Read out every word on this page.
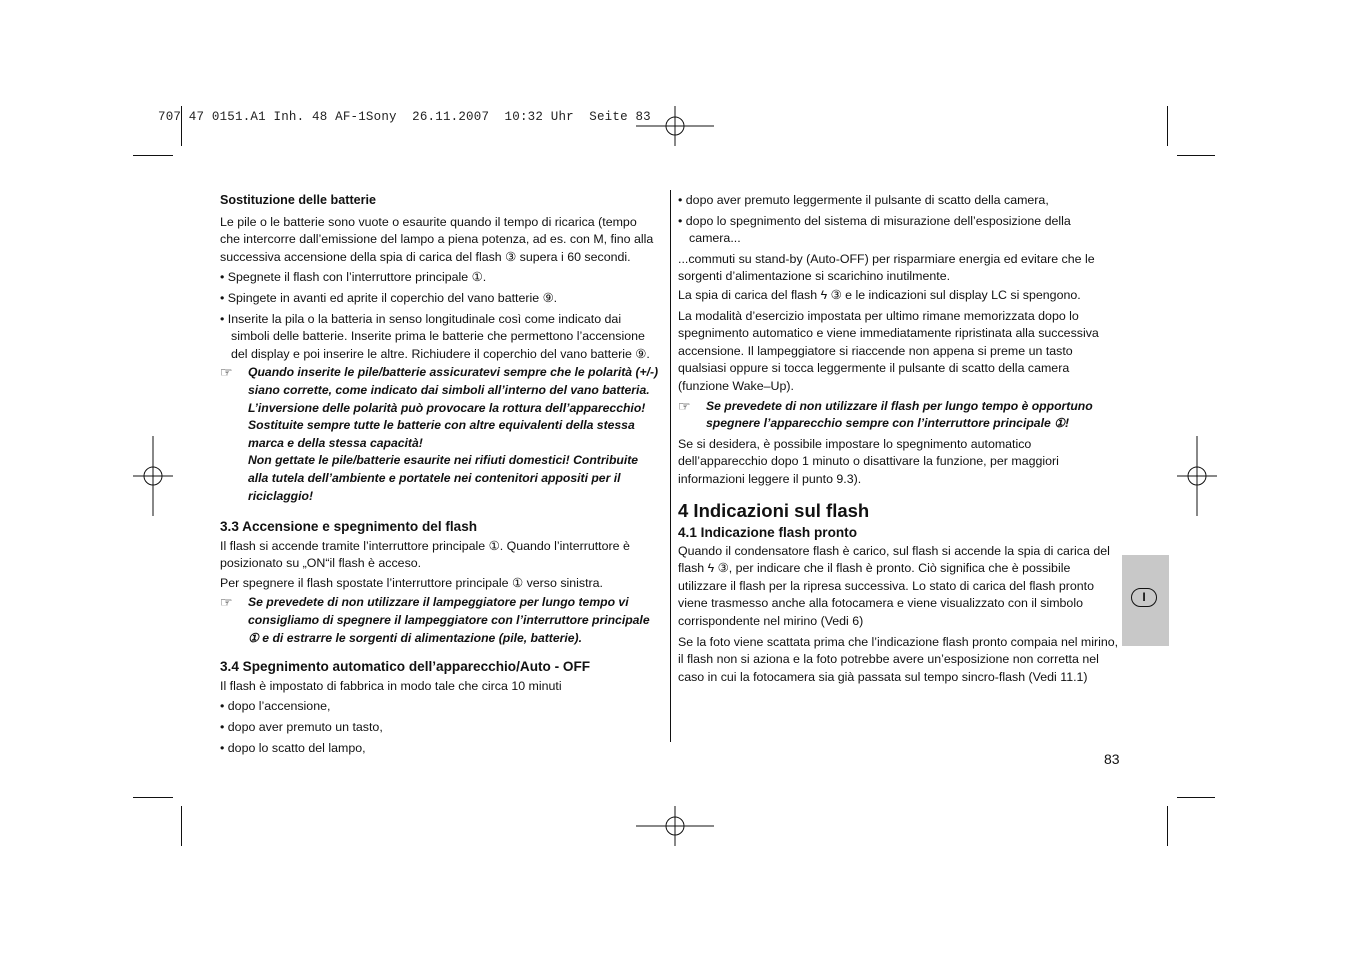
707 47 0151.A1 Inh. 48 AF-1Sony  26.11.2007  10:32 Uhr  Seite 83

Sostituzione delle batterie

Le pile o le batterie sono vuote o esaurite quando il tempo di ricarica (tempo che intercorre dall’emissione del lampo a piena potenza, ad es. con M, fino alla successiva accensione della spia di carica del flash ③ supera i 60 secondi.

• Spegnete il flash con l’interruttore principale ①.

• Spingete in avanti ed aprite il coperchio del vano batterie ⑨.

• Inserite la pila o la batteria in senso longitudinale così come indicato dai simboli delle batterie. Inserite prima le batterie che permettono l’accensione del display e poi inserire le altre. Richiudere il coperchio del vano batterie ⑨.

☞ Quando inserite le pile/batterie assicuratevi sempre che le polarità (+/-) siano corrette, come indicato dai simboli all’interno del vano batteria. L’inversione delle polarità può provocare la rottura dell’apparecchio! Sostituite sempre tutte le batterie con altre equivalenti della stessa marca e della stessa capacità!

Non gettate le pile/batterie esaurite nei rifiuti domestici! Contribuite alla tutela dell’ambiente e portatele nei contenitori appositi per il riciclaggio!

3.3 Accensione e spegnimento del flash

Il flash si accende tramite l’interruttore principale ①. Quando l’interruttore è posizionato su „ON“il flash è acceso.

Per spegnere il flash spostate l’interruttore principale ① verso sinistra.

☞ Se prevedete di non utilizzare il lampeggiatore per lungo tempo vi consigliamo di spegnere il lampeggiatore con l’interruttore principale ① e di estrarre le sorgenti di alimentazione (pile, batterie).

3.4 Spegnimento automatico dell’apparecchio/Auto - OFF

Il flash è impostato di fabbrica in modo tale che circa 10 minuti

• dopo l’accensione,

• dopo aver premuto un tasto,

• dopo lo scatto del lampo,

• dopo aver premuto leggermente il pulsante di scatto della camera,

• dopo lo spegnimento del sistema di misurazione dell’esposizione della camera...

...commuti su stand-by (Auto-OFF) per risparmiare energia ed evitare che le sorgenti d’alimentazione si scarichino inutilmente.

La spia di carica del flash ϟ ③ e le indicazioni sul display LC si spengono.

La modalità d’esercizio impostata per ultimo rimane memorizzata dopo lo spegnimento automatico e viene immediatamente ripristinata alla successiva accensione. Il lampeggiatore si riaccende non appena si preme un tasto qualsiasi oppure si tocca leggermente il pulsante di scatto della camera (funzione Wake–Up).

☞ Se prevedete di non utilizzare il flash per lungo tempo è opportuno spegnere l’apparecchio sempre con l’interruttore principale ①!

Se si desidera, è possibile impostare lo spegnimento automatico dell’apparecchio dopo 1 minuto o disattivare la funzione, per maggiori informazioni leggere il punto 9.3).

4 Indicazioni sul flash

4.1 Indicazione flash pronto

Quando il condensatore flash è carico, sul flash si accende la spia di carica del flash ϟ ③, per indicare che il flash è pronto. Ciò significa che è possibile utilizzare il flash per la ripresa successiva. Lo stato di carica del flash pronto viene trasmesso anche alla fotocamera e viene visualizzato con il simbolo corrispondente nel mirino (Vedi 6)

Se la foto viene scattata prima che l’indicazione flash pronto compaia nel mirino, il flash non si aziona e la foto potrebbe avere un’esposizione non corretta nel caso in cui la fotocamera sia già passata sul tempo sincro-flash (Vedi 11.1)

I
83
